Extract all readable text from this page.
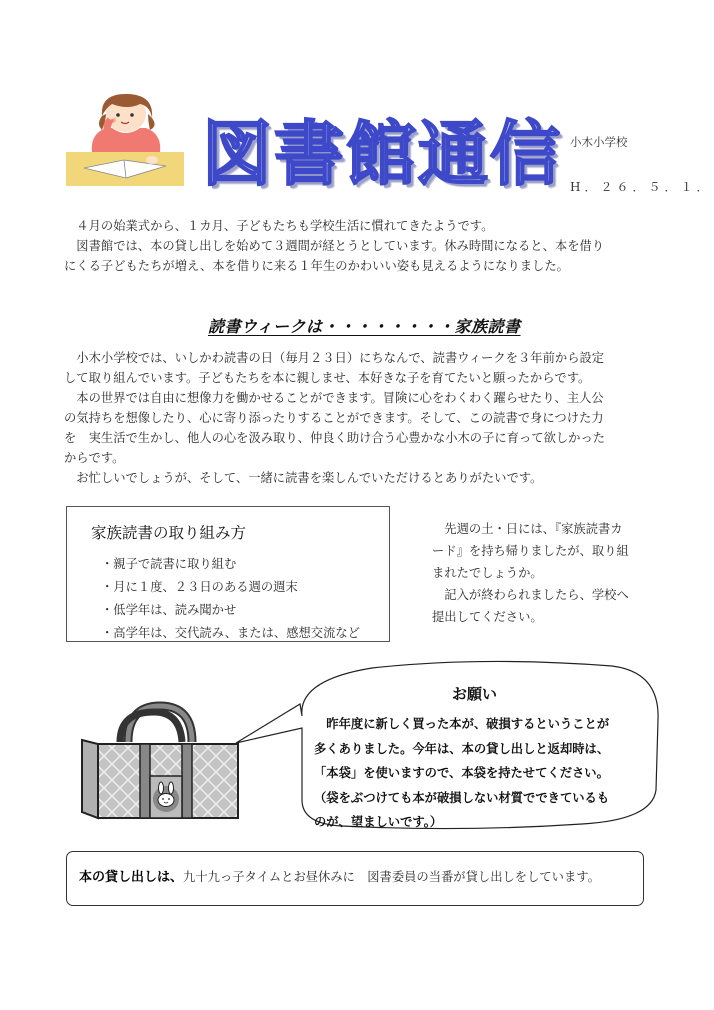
図 書 館 通 信 小木小学校
H．２６．５．１．
　４月の始業式から、１カ月、子どもたちも学校生活に慣れてきたようです。
　図書館では、本の貸し出しを始めて３週間が経とうとしています。休み時間になると、本を借り
にくる子どもたちが増え、本を借りに来る１年生のかわいい姿も見えるようになりました。
読書ウィークは・・・・・・・・家族読書
　小木小学校では、いしかわ読書の日（毎月２３日）にちなんで、読書ウィークを３年前から設定
して取り組んでいます。子どもたちを本に親しませ、本好きな子を育てたいと願ったからです。
　本の世界では自由に想像力を働かせることができます。冒険に心をわくわく躍らせたり、主人公
の気持ちを想像したり、心に寄り添ったりすることができます。そして、この読書で身につけた力
を　実生活で生かし、他人の心を汲み取り、仲良く助け合う心豊かな小木の子に育って欲しかった
からです。
　お忙しいでしょうが、そして、一緒に読書を楽しんでいただけるとありがたいです。
家族読書の取り組み方
・親子で読書に取り組む
・月に１度、２３日のある週の週末
・低学年は、読み聞かせ
・高学年は、交代読み、または、感想交流など
　先週の土・日には、『家族読書カ
ード』を持ち帰りましたが、取り組
まれたでしょうか。
　記入が終わられましたら、学校へ
提出してください。
お願い
　昨年度に新しく買った本が、破損するということが
多くありました。今年は、本の貸し出しと返却時は、
「本袋」を使いますので、本袋を持たせてください。
（袋をぶつけても本が破損しない材質でできているも
のが、望ましいです。）
本の貸し出しは、九十九っ子タイムとお昼休みに　図書委員の当番が貸し出しをしています。
